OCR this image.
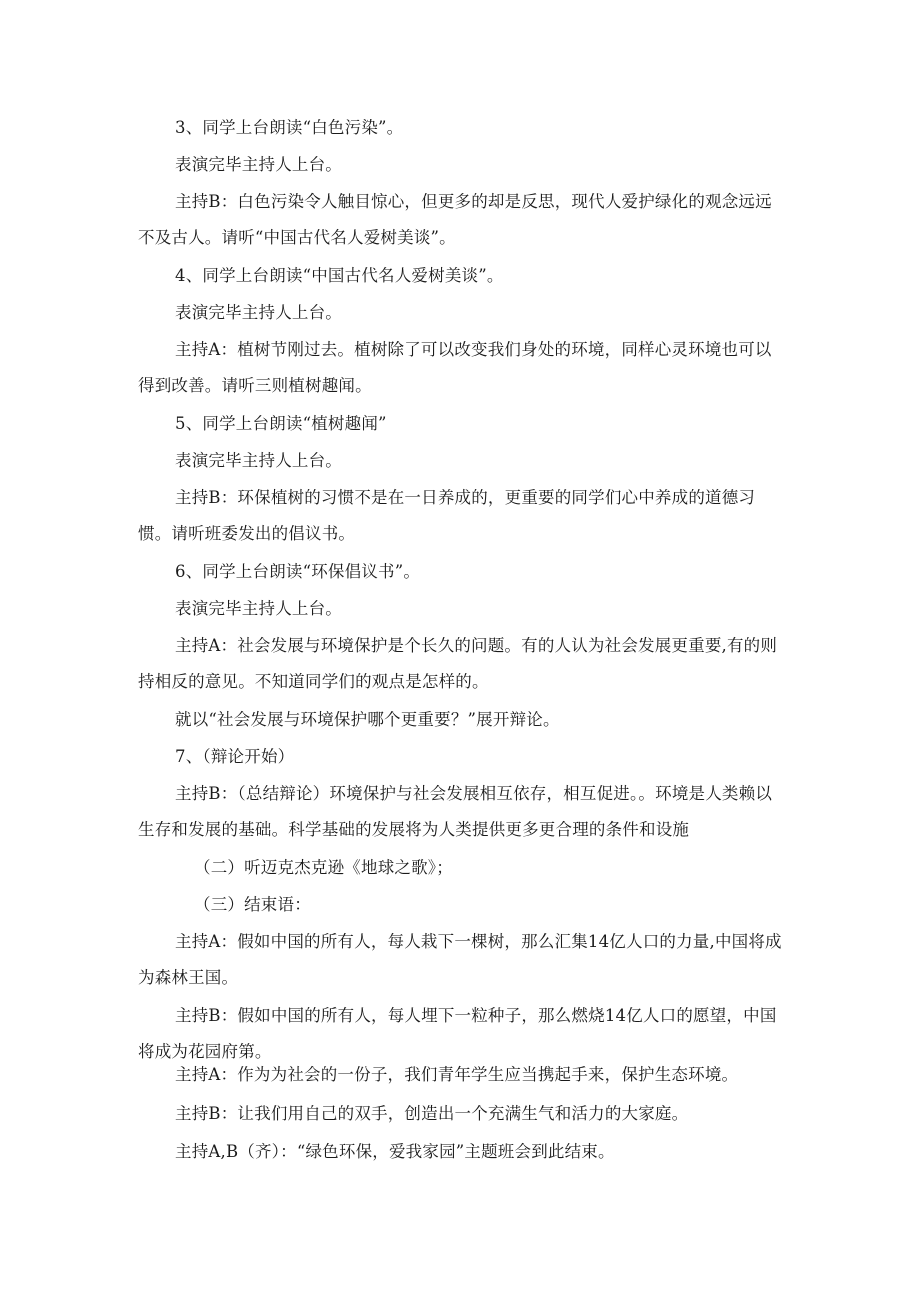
3、同学上台朗读“白色污染”。

表演完毕主持人上台。

主持B：白色污染令人触目惊心，但更多的却是反思，现代人爱护绿化的观念远远不及古人。请听“中国古代名人爱树美谈”。

4、同学上台朗读“中国古代名人爱树美谈”。

表演完毕主持人上台。

主持A：植树节刚过去。植树除了可以改变我们身处的环境，同样心灵环境也可以得到改善。请听三则植树趣闻。

5、同学上台朗读“植树趣闻”

表演完毕主持人上台。

主持B：环保植树的习惯不是在一日养成的，更重要的同学们心中养成的道德习惯。请听班委发出的倡议书。

6、同学上台朗读“环保倡议书”。

表演完毕主持人上台。

主持A：社会发展与环境保护是个长久的问题。有的人认为社会发展更重要,有的则持相反的意见。不知道同学们的观点是怎样的。

就以“社会发展与环境保护哪个更重要？”展开辩论。

7、（辩论开始）

主持B：（总结辩论）环境保护与社会发展相互依存，相互促进。。环境是人类赖以生存和发展的基础。科学基础的发展将为人类提供更多更合理的条件和设施

（二）听迈克杰克逊《地球之歌》；

（三）结束语：

主持A：假如中国的所有人，每人栽下一棵树，那么汇集14亿人口的力量,中国将成为森林王国。

主持B：假如中国的所有人，每人埋下一粒种子，那么燃烧14亿人口的愿望，中国将成为花园府第。

主持A：作为为社会的一份子，我们青年学生应当携起手来，保护生态环境。

主持B：让我们用自己的双手，创造出一个充满生气和活力的大家庭。

主持A,B（齐）：“绿色环保，爱我家园”主题班会到此结束。
